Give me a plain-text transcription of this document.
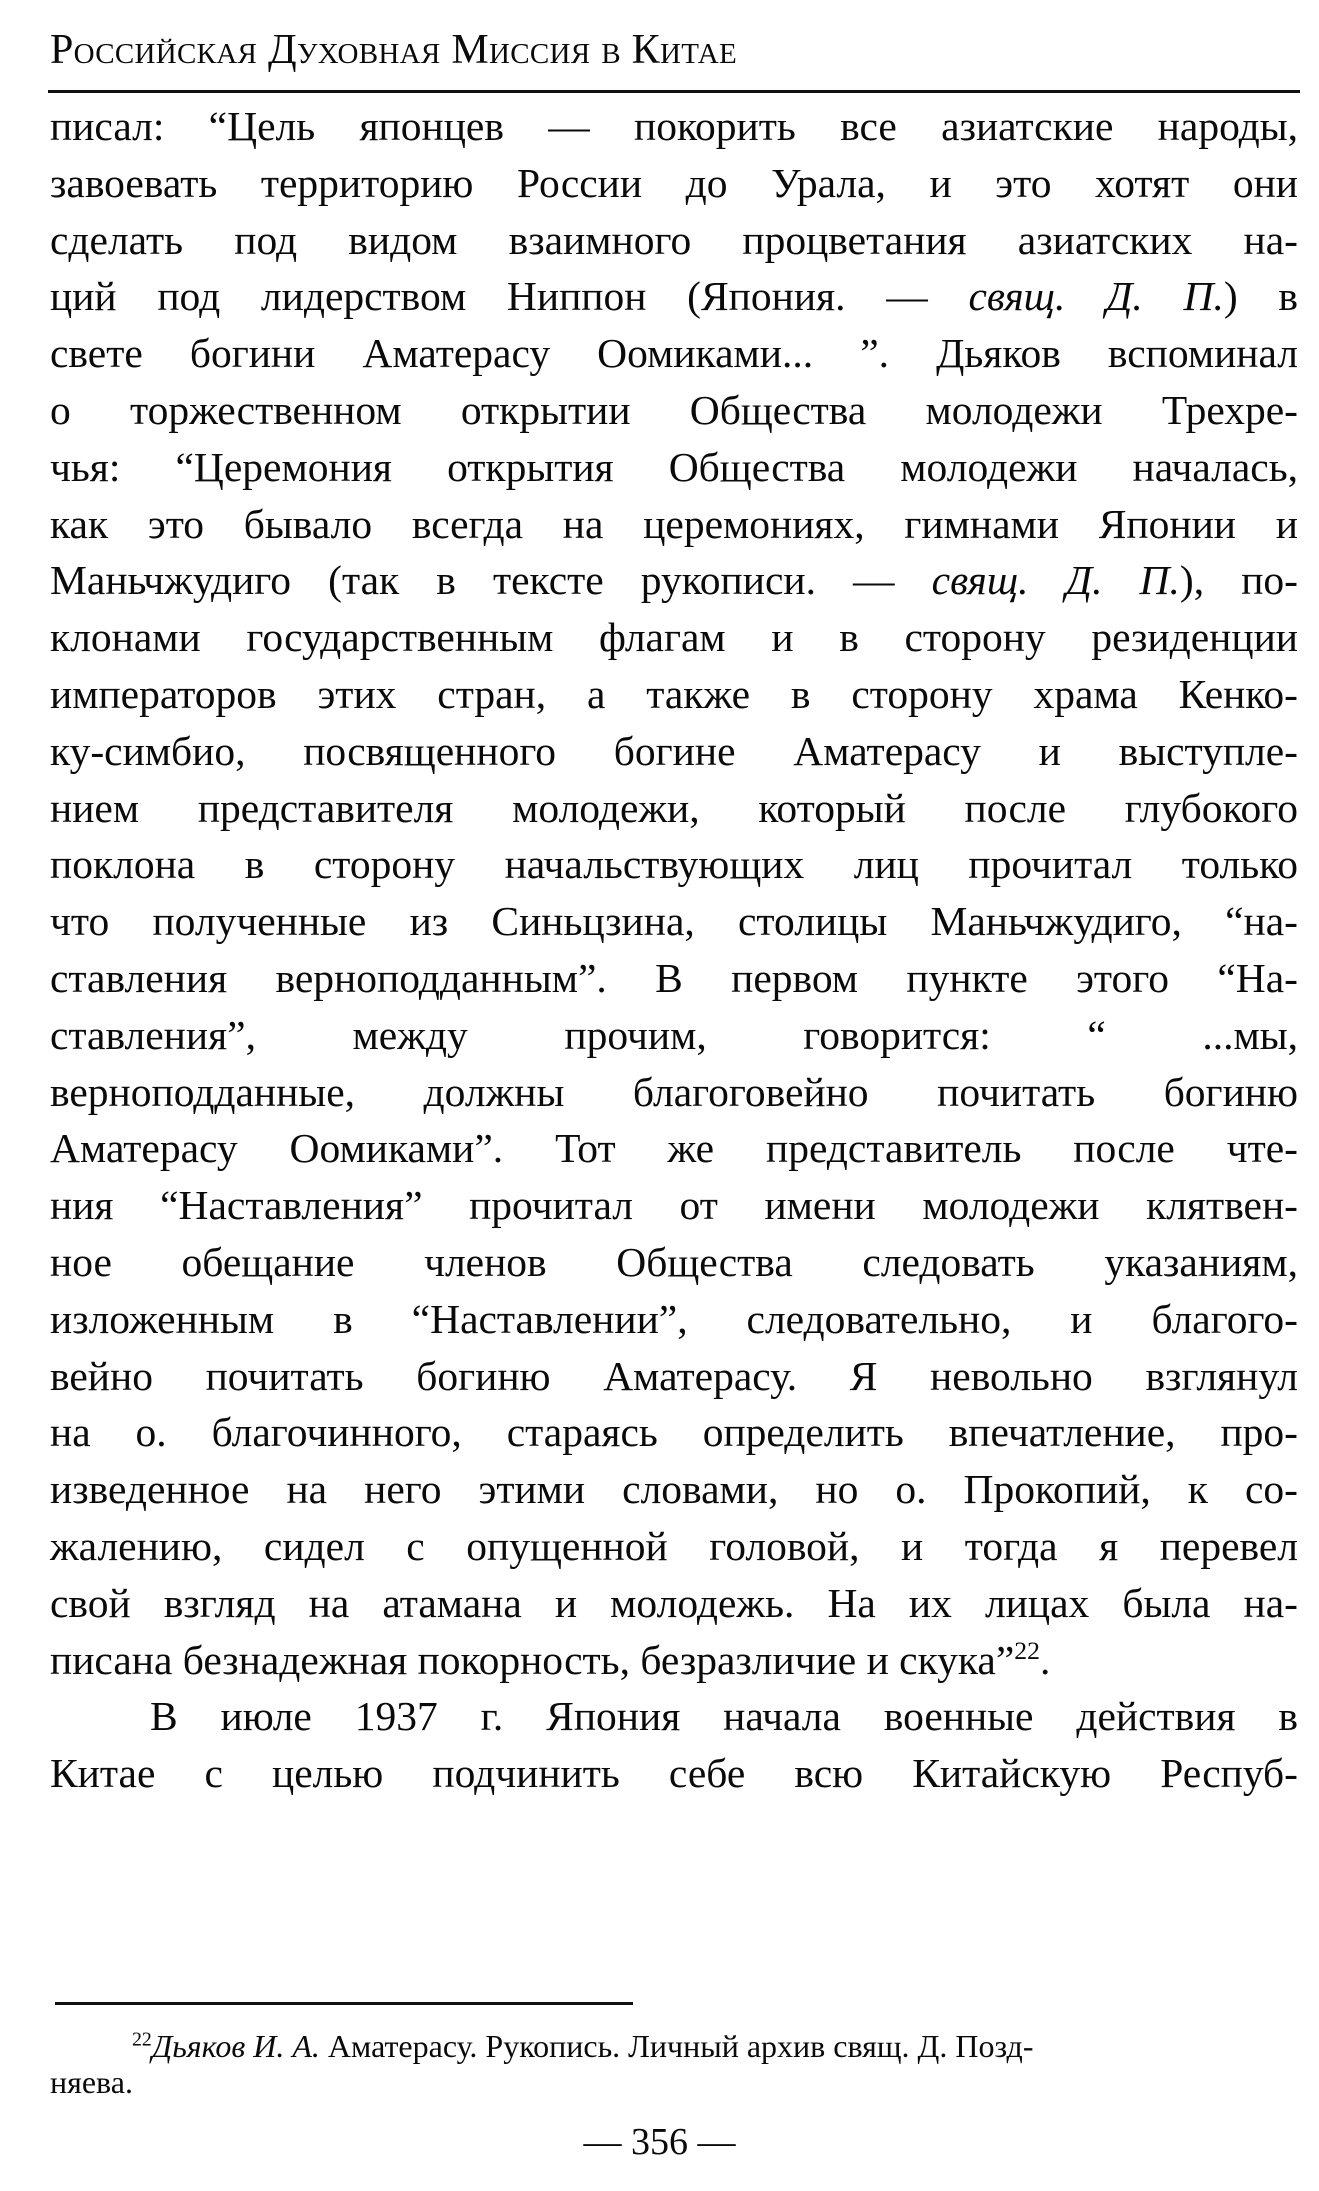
Российская Духовная Миссия в Китае
писал: “Цель японцев — покорить все азиатские народы,
завоевать территорию России до Урала, и это хотят они
сделать под видом взаимного процветания азиатских на-
ций под лидерством Ниппон (Япония. — свящ. Д. П.) в
свете богини Аматерасу Оомиками... ”. Дьяков вспоминал
о торжественном открытии Общества молодежи Трехре-
чья: “Церемония открытия Общества молодежи началась,
как это бывало всегда на церемониях, гимнами Японии и
Маньчжудиго (так в тексте рукописи. — свящ. Д. П.), по-
клонами государственным флагам и в сторону резиденции
императоров этих стран, а также в сторону храма Кенко-
ку-симбио, посвященного богине Аматерасу и выступле-
нием представителя молодежи, который после глубокого
поклона в сторону начальствующих лиц прочитал только
что полученные из Синьцзина, столицы Маньчжудиго, “на-
ставления верноподданным”. В первом пункте этого “На-
ставления”, между прочим, говорится: “ ...мы,
верноподданные, должны благоговейно почитать богиню
Аматерасу Оомиками”. Тот же представитель после чте-
ния “Наставления” прочитал от имени молодежи клятвен-
ное обещание членов Общества следовать указаниям,
изложенным в “Наставлении”, следовательно, и благого-
вейно почитать богиню Аматерасу. Я невольно взглянул
на о. благочинного, стараясь определить впечатление, про-
изведенное на него этими словами, но о. Прокопий, к со-
жалению, сидел с опущенной головой, и тогда я перевел
свой взгляд на атамана и молодежь. На их лицах была на-
писана безнадежная покорность, безразличие и скука”$^{22}$.
В июле 1937 г. Япония начала военные действия в
Китае с целью подчинить себе всю Китайскую Респуб-
$^{22}$Дьяков И. А. Аматерасу. Рукопись. Личный архив свящ. Д. Позд-
няева.
— 356 —
